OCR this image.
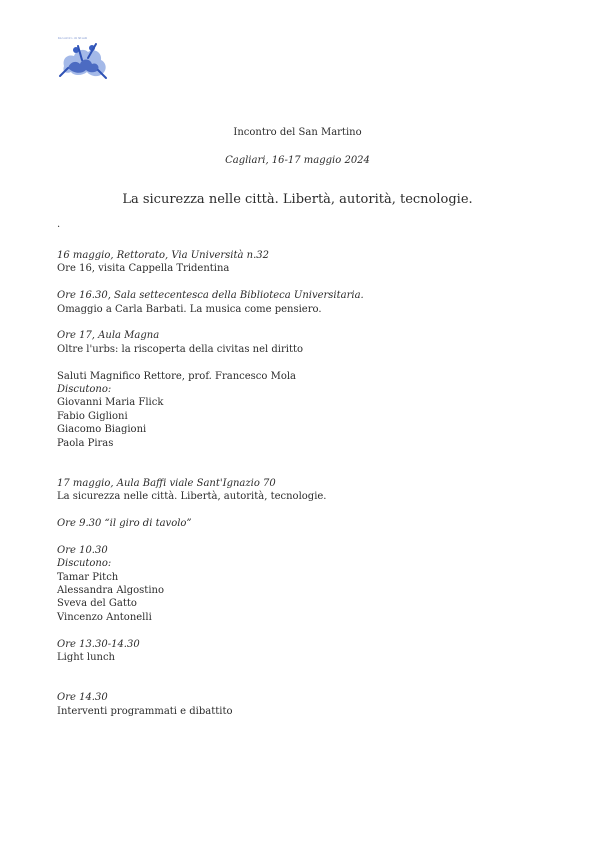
Incontro di Studi
Incontro del San Martino
Cagliari, 16-17 maggio 2024
La sicurezza nelle città. Libertà, autorità, tecnologie.
.
16 maggio, Rettorato, Via Università n.32
Ore 16, visita Cappella Tridentina
Ore 16.30, Sala settecentesca della Biblioteca Universitaria.
Omaggio a Carla Barbati. La musica come pensiero.
Ore 17, Aula Magna
Oltre l'urbs: la riscoperta della civitas nel diritto
Saluti Magnifico Rettore, prof. Francesco Mola
Discutono:
Giovanni Maria Flick
Fabio Giglioni
Giacomo Biagioni
Paola Piras
17 maggio, Aula Baffi viale Sant'Ignazio 70
La sicurezza nelle città. Libertà, autorità, tecnologie.
Ore 9.30 “il giro di tavolo”
Ore 10.30
Discutono:
Tamar Pitch
Alessandra Algostino
Sveva del Gatto
Vincenzo Antonelli
Ore 13.30-14.30
Light lunch
Ore 14.30
Interventi programmati e dibattito
